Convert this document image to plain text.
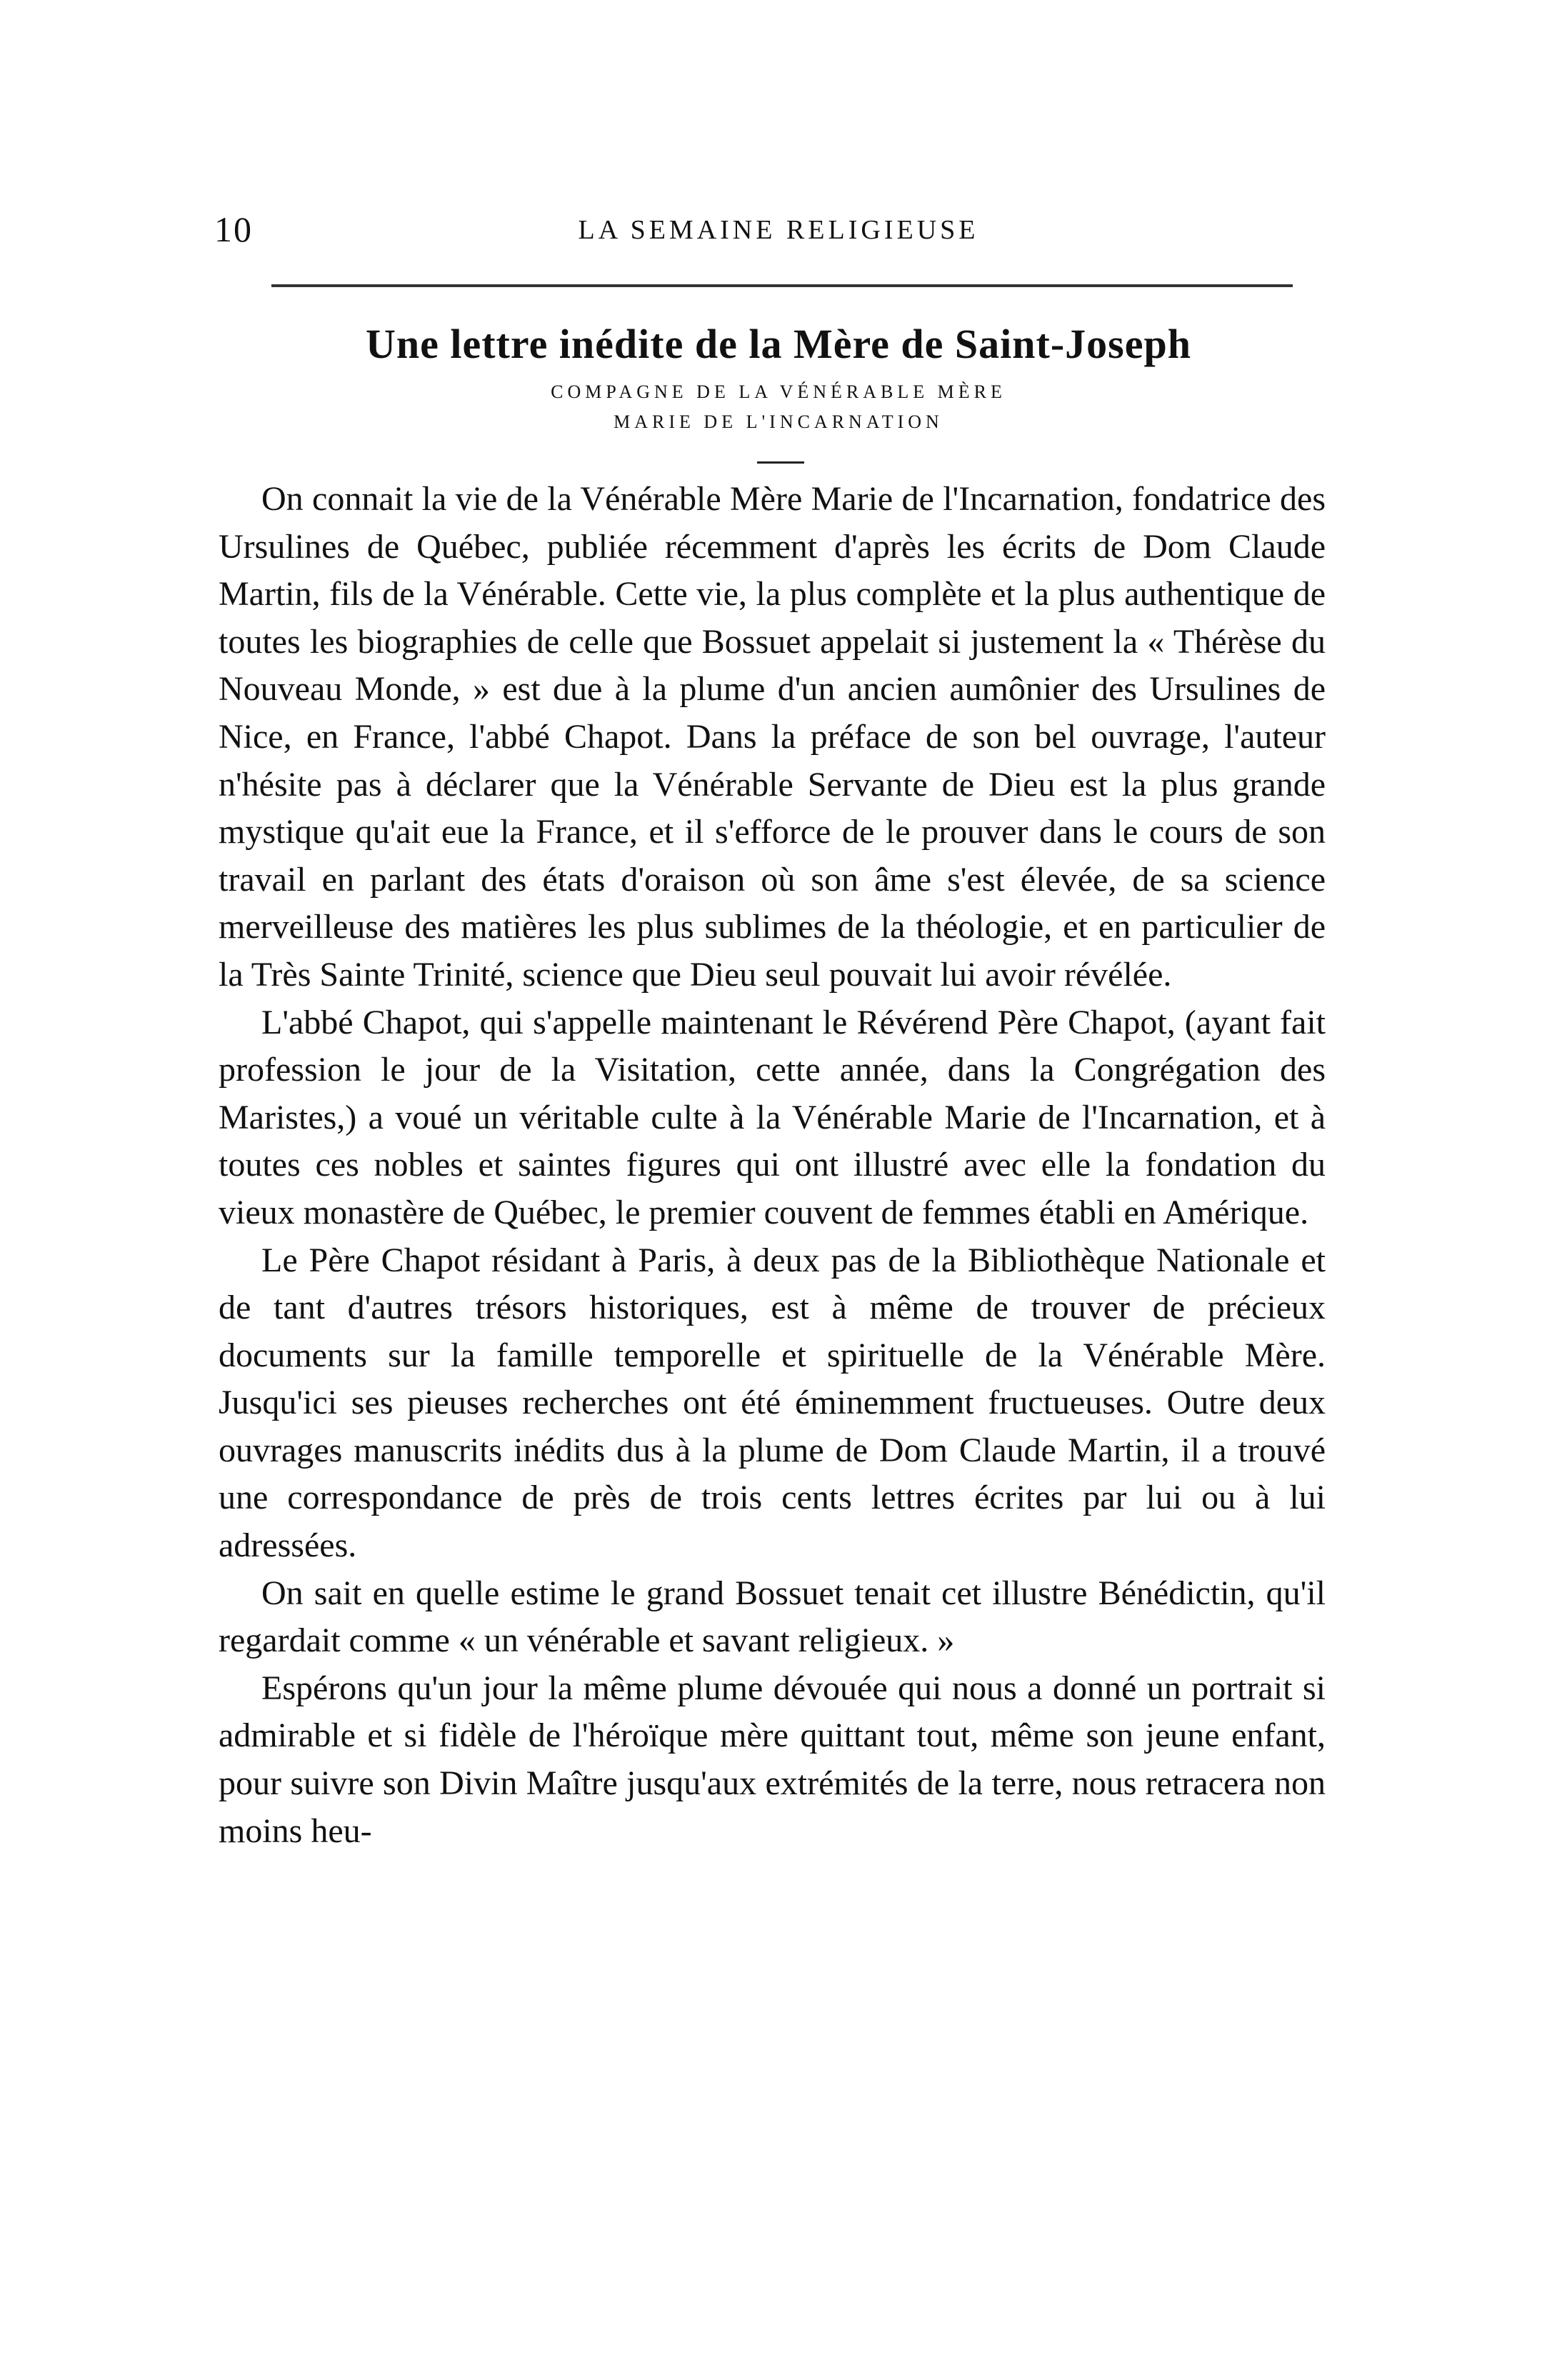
10	LA SEMAINE RELIGIEUSE
Une lettre inédite de la Mère de Saint-Joseph
COMPAGNE DE LA VÉNÉRABLE MÈRE
MARIE DE L'INCARNATION

On connait la vie de la Vénérable Mère Marie de l'Incarnation, fondatrice des Ursulines de Québec, publiée récemment d'après les écrits de Dom Claude Martin, fils de la Vénérable. Cette vie, la plus complète et la plus authentique de toutes les biographies de celle que Bossuet appelait si justement la « Thérèse du Nouveau Monde, » est due à la plume d'un ancien aumônier des Ursulines de Nice, en France, l'abbé Chapot. Dans la préface de son bel ouvrage, l'auteur n'hésite pas à déclarer que la Vénérable Servante de Dieu est la plus grande mystique qu'ait eue la France, et il s'efforce de le prouver dans le cours de son travail en parlant des états d'oraison où son âme s'est élevée, de sa science merveilleuse des matières les plus sublimes de la théologie, et en particulier de la Très Sainte Trinité, science que Dieu seul pouvait lui avoir révélée.

L'abbé Chapot, qui s'appelle maintenant le Révérend Père Chapot, (ayant fait profession le jour de la Visitation, cette année, dans la Congrégation des Maristes,) a voué un véritable culte à la Vénérable Marie de l'Incarnation, et à toutes ces nobles et saintes figures qui ont illustré avec elle la fondation du vieux monastère de Québec, le premier couvent de femmes établi en Amérique.

Le Père Chapot résidant à Paris, à deux pas de la Bibliothèque Nationale et de tant d'autres trésors historiques, est à même de trouver de précieux documents sur la famille temporelle et spirituelle de la Vénérable Mère. Jusqu'ici ses pieuses recherches ont été éminemment fructueuses. Outre deux ouvrages manuscrits inédits dus à la plume de Dom Claude Martin, il a trouvé une correspondance de près de trois cents lettres écrites par lui ou à lui adressées.

On sait en quelle estime le grand Bossuet tenait cet illustre Bénédictin, qu'il regardait comme « un vénérable et savant religieux. »

Espérons qu'un jour la même plume dévouée qui nous a donné un portrait si admirable et si fidèle de l'héroïque mère quittant tout, même son jeune enfant, pour suivre son Divin Maître jusqu'aux extrémités de la terre, nous retracera non moins heu-
